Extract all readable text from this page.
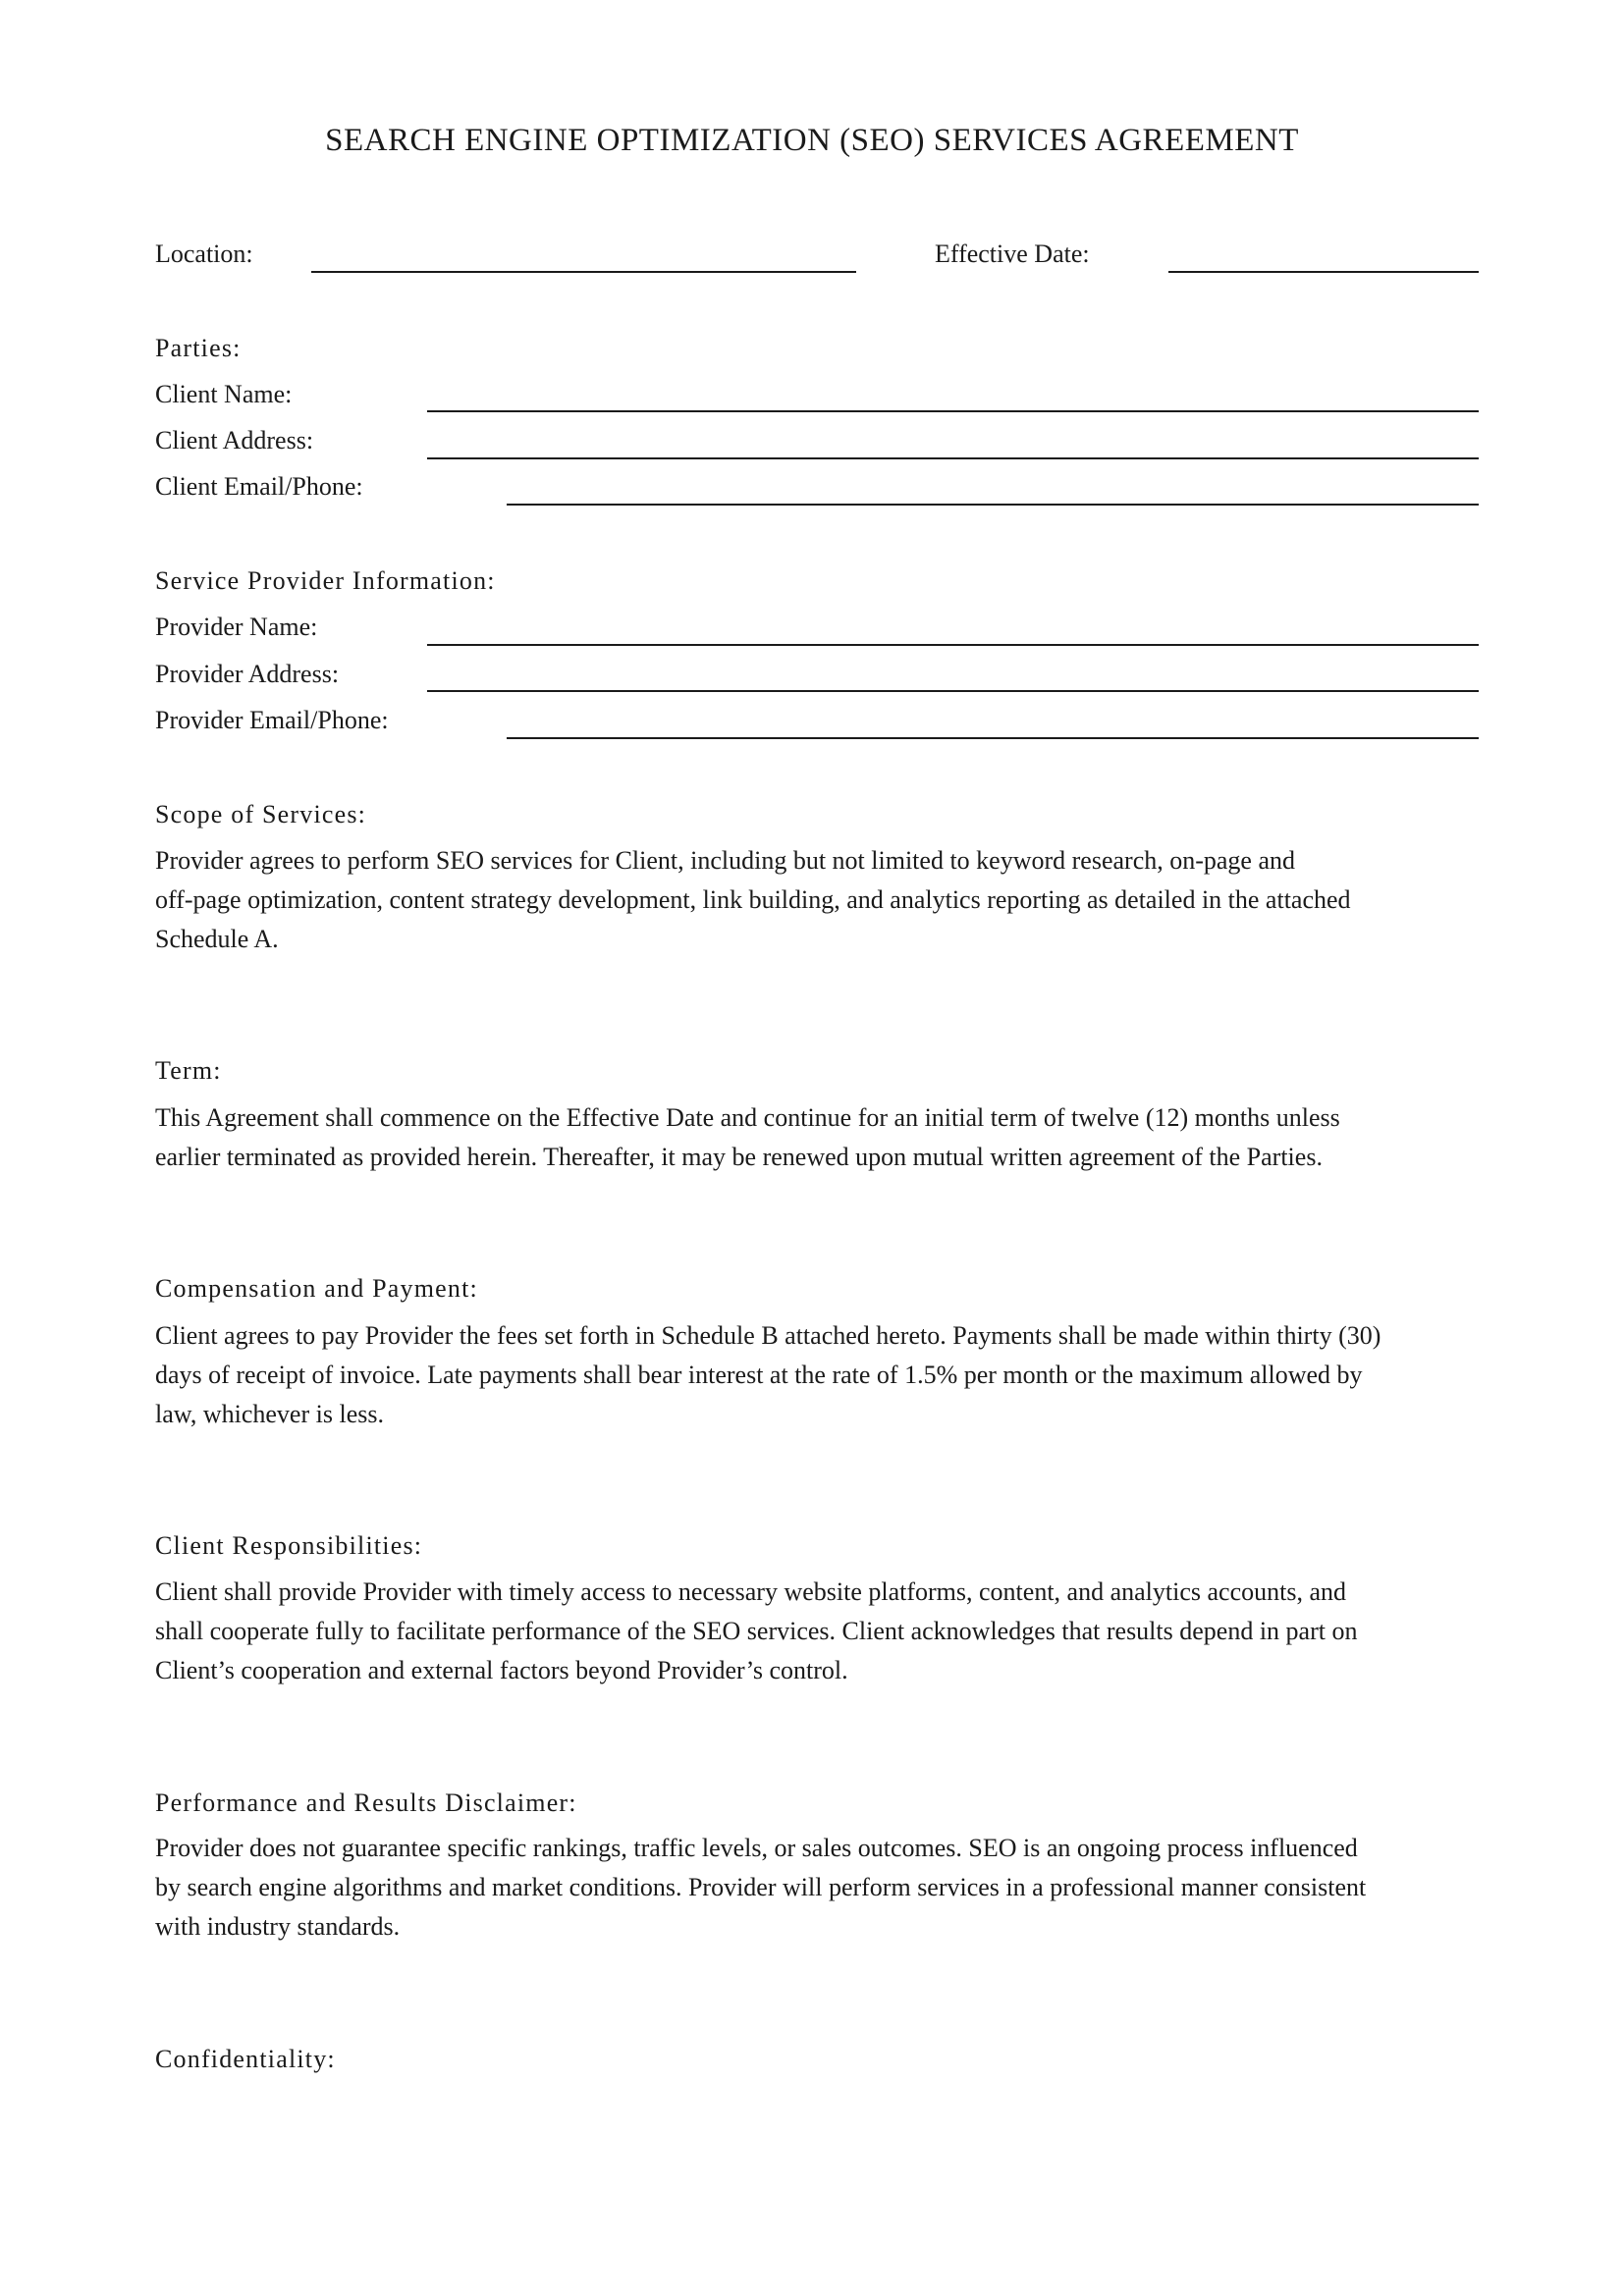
SEARCH ENGINE OPTIMIZATION (SEO) SERVICES AGREEMENT
Location:	Effective Date:
Parties:
Client Name:
Client Address:
Client Email/Phone:
Service Provider Information:
Provider Name:
Provider Address:
Provider Email/Phone:
Scope of Services:
Provider agrees to perform SEO services for Client, including but not limited to keyword research, on-page and
off-page optimization, content strategy development, link building, and analytics reporting as detailed in the attached
Schedule A.
Term:
This Agreement shall commence on the Effective Date and continue for an initial term of twelve (12) months unless
earlier terminated as provided herein. Thereafter, it may be renewed upon mutual written agreement of the Parties.
Compensation and Payment:
Client agrees to pay Provider the fees set forth in Schedule B attached hereto. Payments shall be made within thirty (30)
days of receipt of invoice. Late payments shall bear interest at the rate of 1.5% per month or the maximum allowed by
law, whichever is less.
Client Responsibilities:
Client shall provide Provider with timely access to necessary website platforms, content, and analytics accounts, and
shall cooperate fully to facilitate performance of the SEO services. Client acknowledges that results depend in part on
Client’s cooperation and external factors beyond Provider’s control.
Performance and Results Disclaimer:
Provider does not guarantee specific rankings, traffic levels, or sales outcomes. SEO is an ongoing process influenced
by search engine algorithms and market conditions. Provider will perform services in a professional manner consistent
with industry standards.
Confidentiality:
